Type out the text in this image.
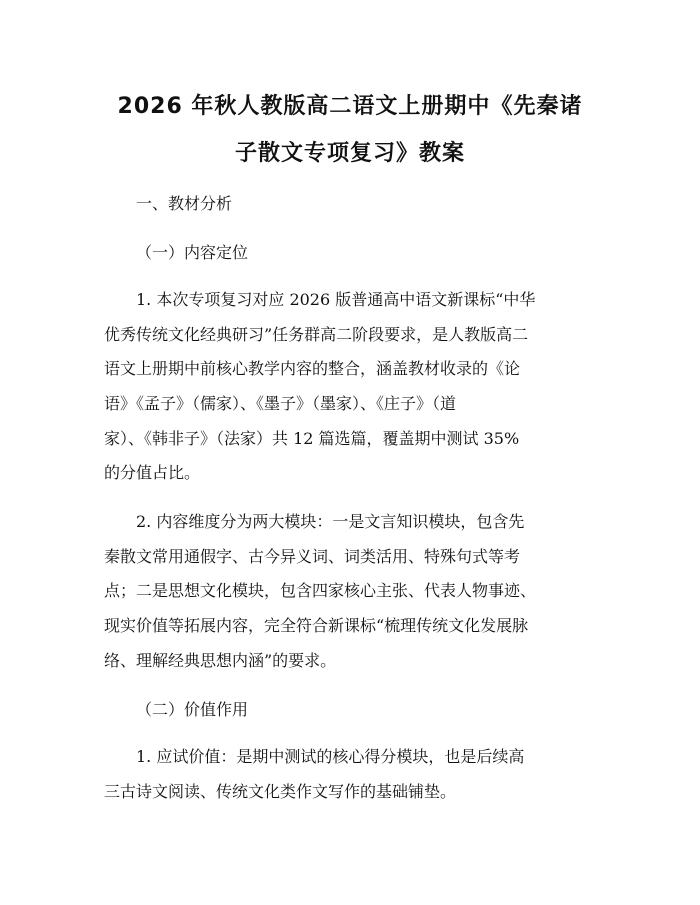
2026 年秋人教版高二语文上册期中《先秦诸
子散文专项复习》教案

一、教材分析

（一）内容定位

1. 本次专项复习对应 2026 版普通高中语文新课标“中华

优秀传统文化经典研习”任务群高二阶段要求，是人教版高二

语文上册期中前核心教学内容的整合，涵盖教材收录的《论

语》《孟子》（儒家）、《墨子》（墨家）、《庄子》（道

家）、《韩非子》（法家）共 12 篇选篇，覆盖期中测试 35%

的分值占比。

2. 内容维度分为两大模块：一是文言知识模块，包含先

秦散文常用通假字、古今异义词、词类活用、特殊句式等考

点；二是思想文化模块，包含四家核心主张、代表人物事迹、

现实价值等拓展内容，完全符合新课标“梳理传统文化发展脉

络、理解经典思想内涵”的要求。

（二）价值作用

1. 应试价值：是期中测试的核心得分模块，也是后续高

三古诗文阅读、传统文化类作文写作的基础铺垫。
